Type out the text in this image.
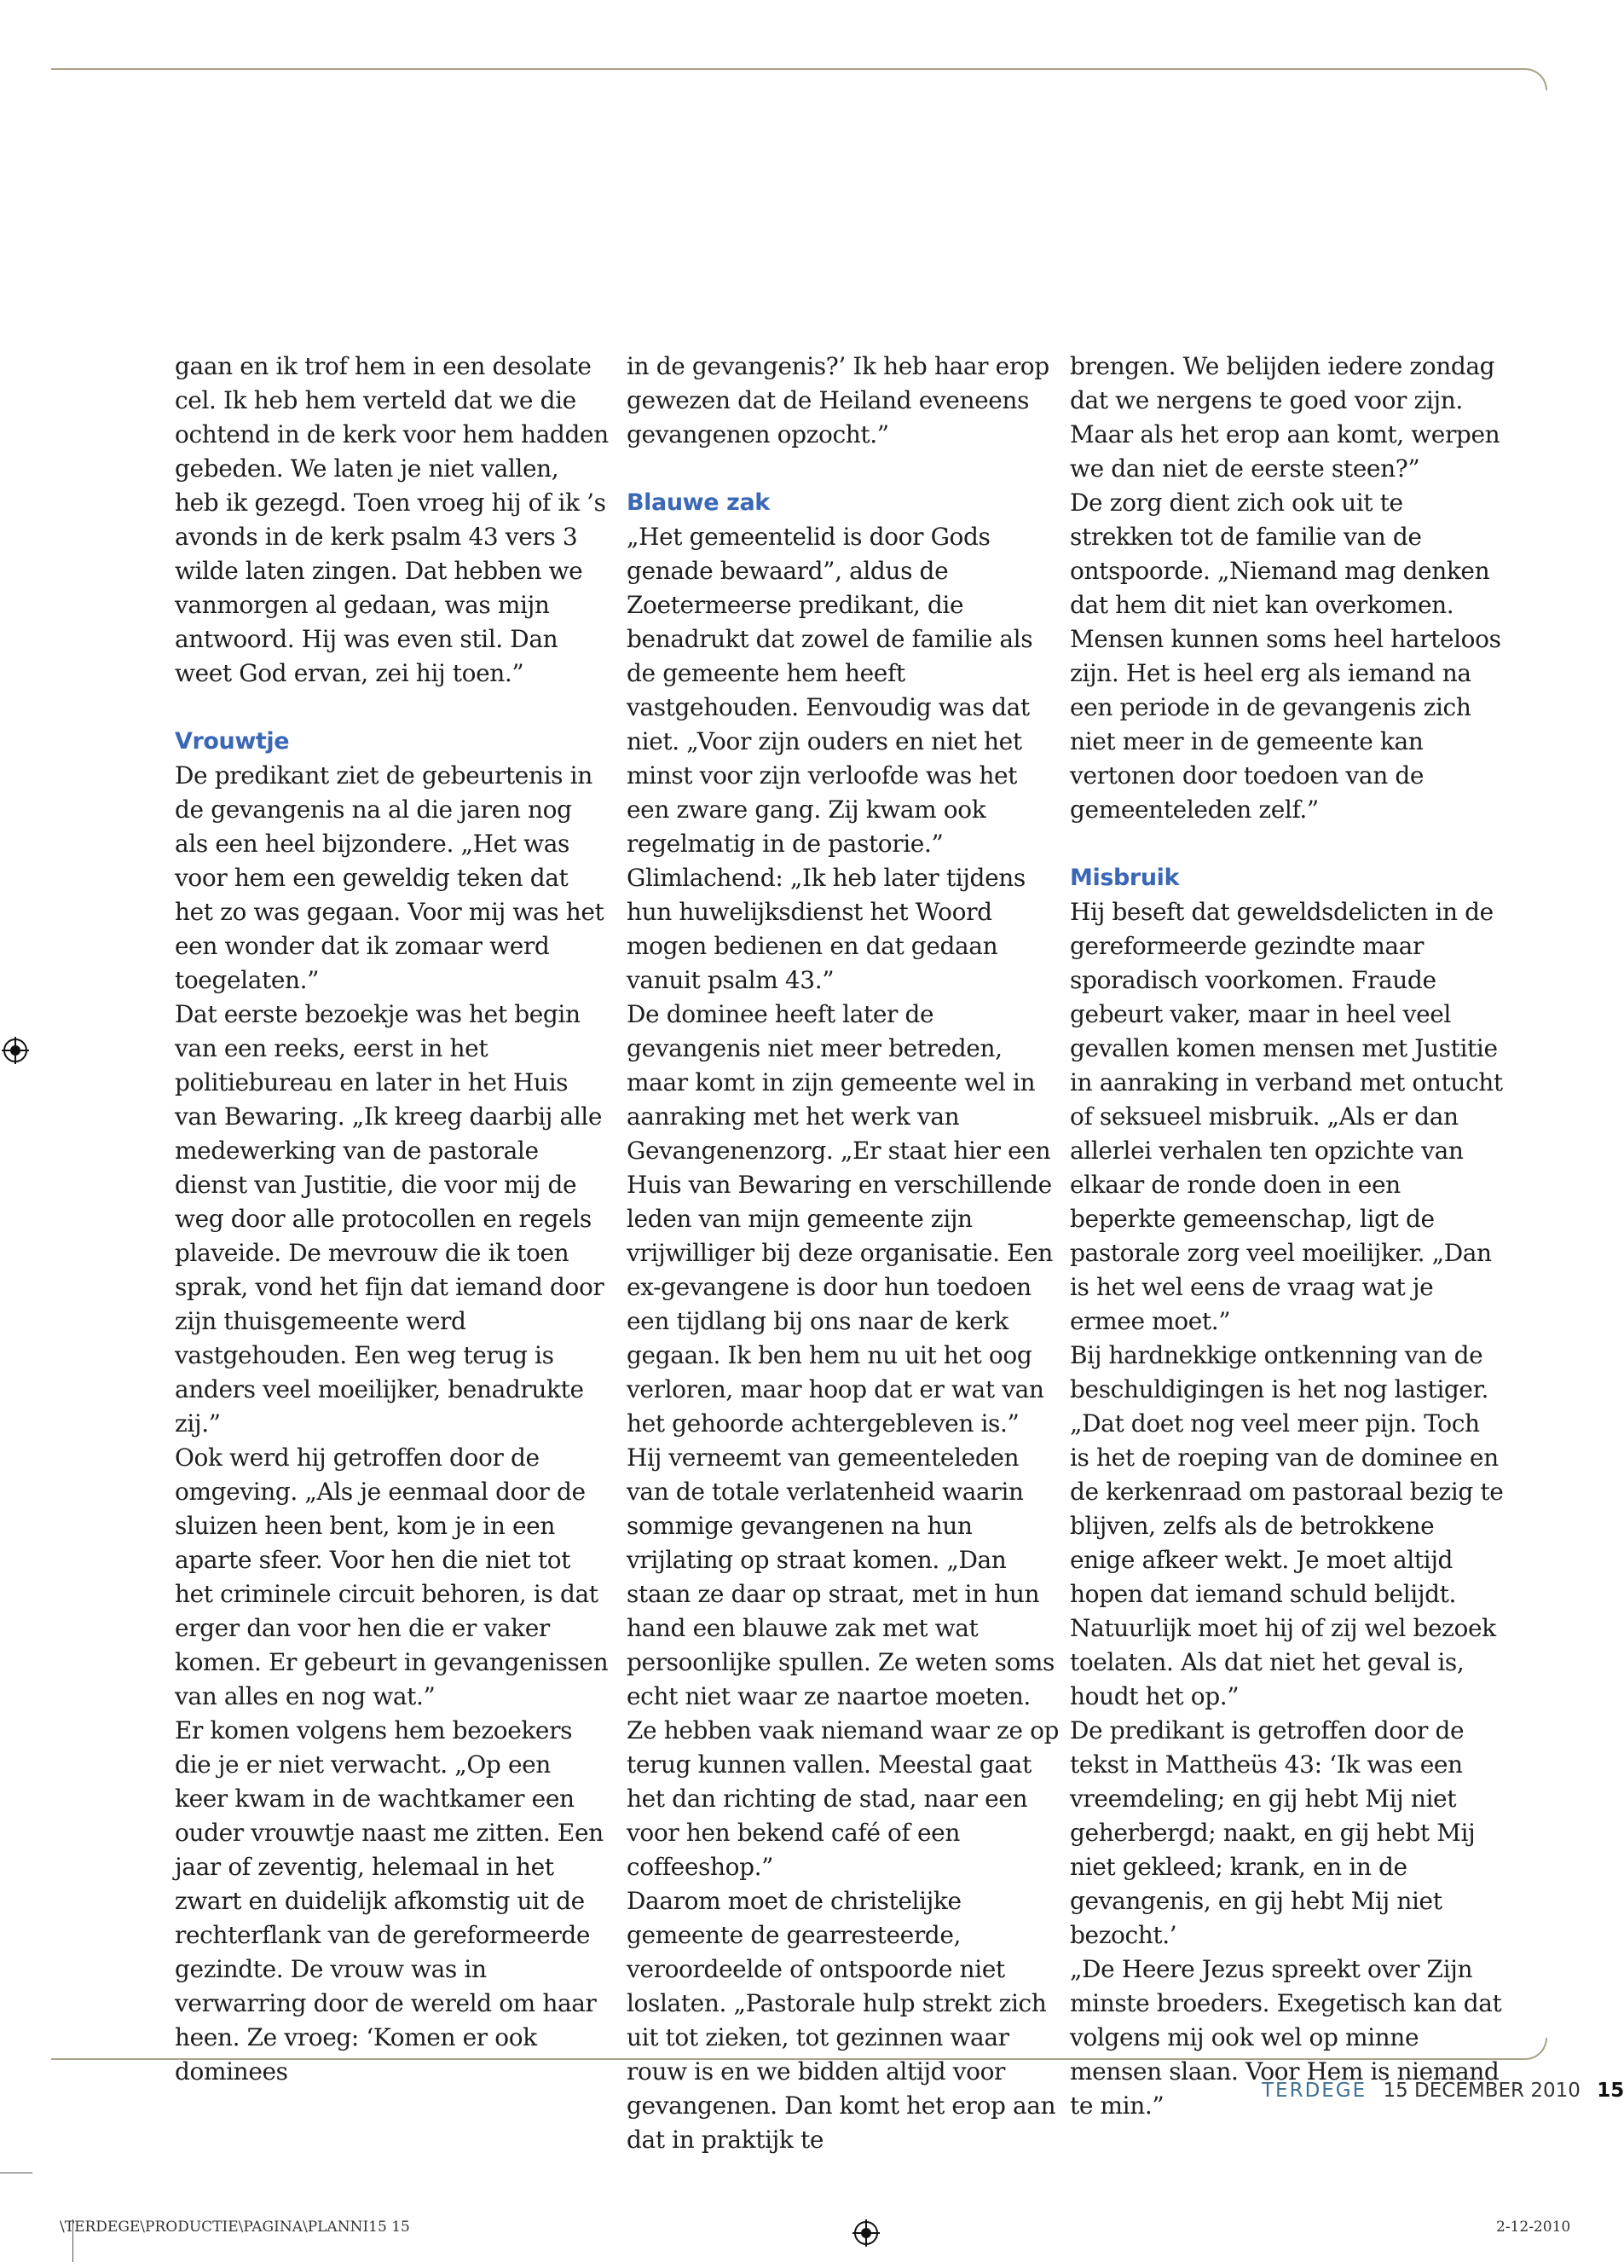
gaan en ik trof hem in een desolate cel. Ik heb hem verteld dat we die ochtend in de kerk voor hem hadden gebeden. We laten je niet vallen, heb ik gezegd. Toen vroeg hij of ik ’s avonds in de kerk psalm 43 vers 3 wilde laten zingen. Dat hebben we vanmorgen al gedaan, was mijn antwoord. Hij was even stil. Dan weet God ervan, zei hij toen.”

Vrouwtje

De predikant ziet de gebeurtenis in de gevangenis na al die jaren nog als een heel bijzondere. „Het was voor hem een geweldig teken dat het zo was gegaan. Voor mij was het een wonder dat ik zomaar werd toegelaten.”

Dat eerste bezoekje was het begin van een reeks, eerst in het politiebureau en later in het Huis van Bewaring. „Ik kreeg daarbij alle medewerking van de pastorale dienst van Justitie, die voor mij de weg door alle protocollen en regels plaveide. De mevrouw die ik toen sprak, vond het fijn dat iemand door zijn thuisgemeente werd vastgehouden. Een weg terug is anders veel moeilijker, benadrukte zij.”

Ook werd hij getroffen door de omgeving. „Als je eenmaal door de sluizen heen bent, kom je in een aparte sfeer. Voor hen die niet tot het criminele circuit behoren, is dat erger dan voor hen die er vaker komen. Er gebeurt in gevangenissen van alles en nog wat.”

Er komen volgens hem bezoekers die je er niet verwacht. „Op een keer kwam in de wachtkamer een ouder vrouwtje naast me zitten. Een jaar of zeventig, helemaal in het zwart en duidelijk afkomstig uit de rechterflank van de gereformeerde gezindte. De vrouw was in verwarring door de wereld om haar heen. Ze vroeg: ‘Komen er ook dominees

in de gevangenis?’ Ik heb haar erop gewezen dat de Heiland eveneens gevangenen opzocht.”

Blauwe zak

„Het gemeentelid is door Gods genade bewaard”, aldus de Zoetermeerse predikant, die benadrukt dat zowel de familie als de gemeente hem heeft vastgehouden. Eenvoudig was dat niet. „Voor zijn ouders en niet het minst voor zijn verloofde was het een zware gang. Zij kwam ook regelmatig in de pastorie.” Glimlachend: „Ik heb later tijdens hun huwelijksdienst het Woord mogen bedienen en dat gedaan vanuit psalm 43.”

De dominee heeft later de gevangenis niet meer betreden, maar komt in zijn gemeente wel in aanraking met het werk van Gevangenenzorg. „Er staat hier een Huis van Bewaring en verschillende leden van mijn gemeente zijn vrijwilliger bij deze organisatie. Een ex-gevangene is door hun toedoen een tijdlang bij ons naar de kerk gegaan. Ik ben hem nu uit het oog verloren, maar hoop dat er wat van het gehoorde achtergebleven is.”

Hij verneemt van gemeenteleden van de totale verlatenheid waarin sommige gevangenen na hun vrijlating op straat komen. „Dan staan ze daar op straat, met in hun hand een blauwe zak met wat persoonlijke spullen. Ze weten soms echt niet waar ze naartoe moeten. Ze hebben vaak niemand waar ze op terug kunnen vallen. Meestal gaat het dan richting de stad, naar een voor hen bekend café of een coffeeshop.”

Daarom moet de christelijke gemeente de gearresteerde, veroordeelde of ontspoorde niet loslaten. „Pastorale hulp strekt zich uit tot zieken, tot gezinnen waar rouw is en we bidden altijd voor gevangenen. Dan komt het erop aan dat in praktijk te

brengen. We belijden iedere zondag dat we nergens te goed voor zijn. Maar als het erop aan komt, werpen we dan niet de eerste steen?”

De zorg dient zich ook uit te strekken tot de familie van de ontspoorde. „Niemand mag denken dat hem dit niet kan overkomen. Mensen kunnen soms heel harteloos zijn. Het is heel erg als iemand na een periode in de gevangenis zich niet meer in de gemeente kan vertonen door toedoen van de gemeenteleden zelf.”

Misbruik

Hij beseft dat geweldsdelicten in de gereformeerde gezindte maar sporadisch voorkomen. Fraude gebeurt vaker, maar in heel veel gevallen komen mensen met Justitie in aanraking in verband met ontucht of seksueel misbruik. „Als er dan allerlei verhalen ten opzichte van elkaar de ronde doen in een beperkte gemeenschap, ligt de pastorale zorg veel moeilijker. „Dan is het wel eens de vraag wat je ermee moet.”

Bij hardnekkige ontkenning van de beschuldigingen is het nog lastiger. „Dat doet nog veel meer pijn. Toch is het de roeping van de dominee en de kerkenraad om pastoraal bezig te blijven, zelfs als de betrokkene enige afkeer wekt. Je moet altijd hopen dat iemand schuld belijdt. Natuurlijk moet hij of zij wel bezoek toelaten. Als dat niet het geval is, houdt het op.”

De predikant is getroffen door de tekst in Mattheüs 43: ‘Ik was een vreemdeling; en gij hebt Mij niet geherbergd; naakt, en gij hebt Mij niet gekleed; krank, en in de gevangenis, en gij hebt Mij niet bezocht.’

„De Heere Jezus spreekt over Zijn minste broeders. Exegetisch kan dat volgens mij ook wel op minne mensen slaan. Voor Hem is niemand te min.”

TERDEGE 15 DECEMBER 2010 15
\TERDEGE\PRODUCTIE\PAGINA\PLANNI15 15	2-12-2010
